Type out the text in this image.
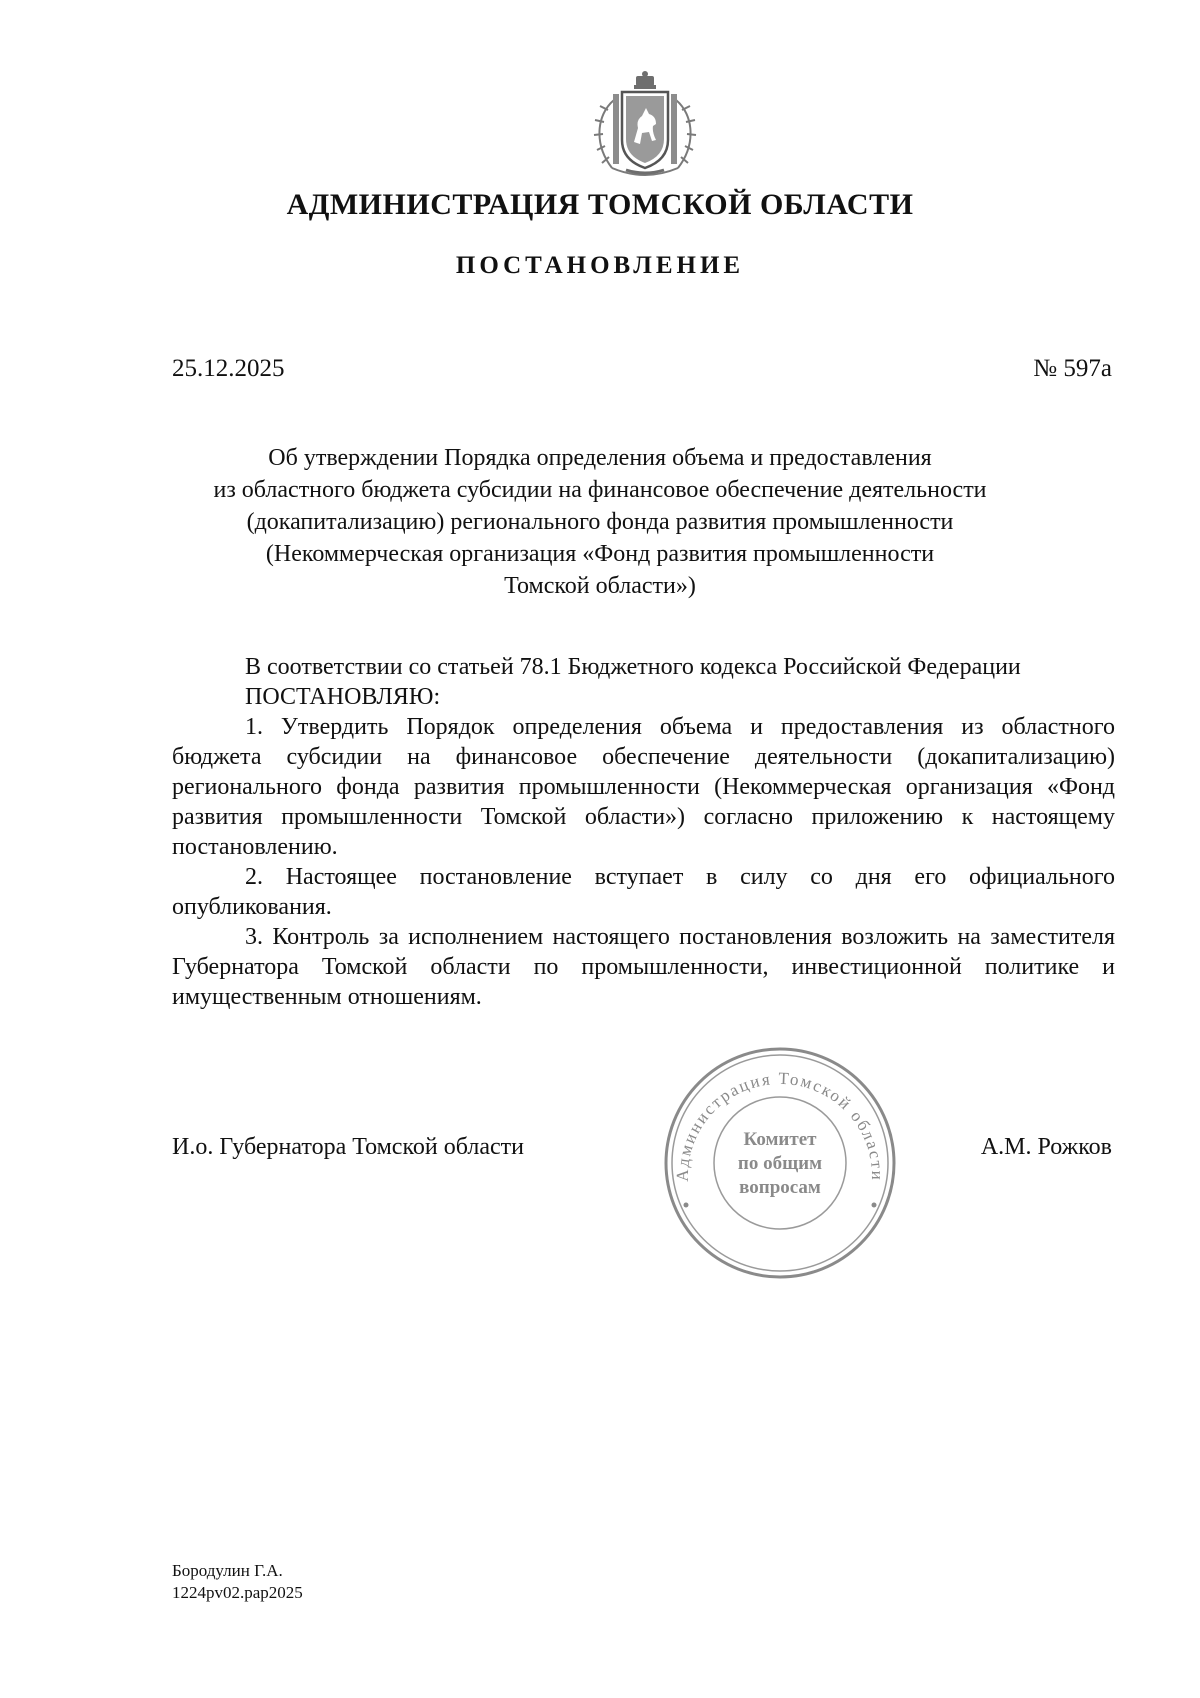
АДМИНИСТРАЦИЯ ТОМСКОЙ ОБЛАСТИ
ПОСТАНОВЛЕНИЕ
25.12.2025	№ 597а
Об утверждении Порядка определения объема и предоставления
из областного бюджета субсидии на финансовое обеспечение деятельности
(докапитализацию) регионального фонда развития промышленности
(Некоммерческая организация «Фонд развития промышленности
Томской области»)

В соответствии со статьей 78.1 Бюджетного кодекса Российской Федерации

ПОСТАНОВЛЯЮ:

1. Утвердить Порядок определения объема и предоставления из областного бюджета субсидии на финансовое обеспечение деятельности (докапитализацию) регионального фонда развития промышленности (Некоммерческая организация «Фонд развития промышленности Томской области») согласно приложению к настоящему постановлению.

2. Настоящее постановление вступает в силу со дня его официального опубликования.

3. Контроль за исполнением настоящего постановления возложить на заместителя Губернатора Томской области по промышленности, инвестиционной политике и имущественным отношениям.

И.о. Губернатора Томской области
Администрация Томской области
Комитет
по общим
вопросам
А.М. Рожков
Бородулин Г.А.
1224pv02.pap2025
